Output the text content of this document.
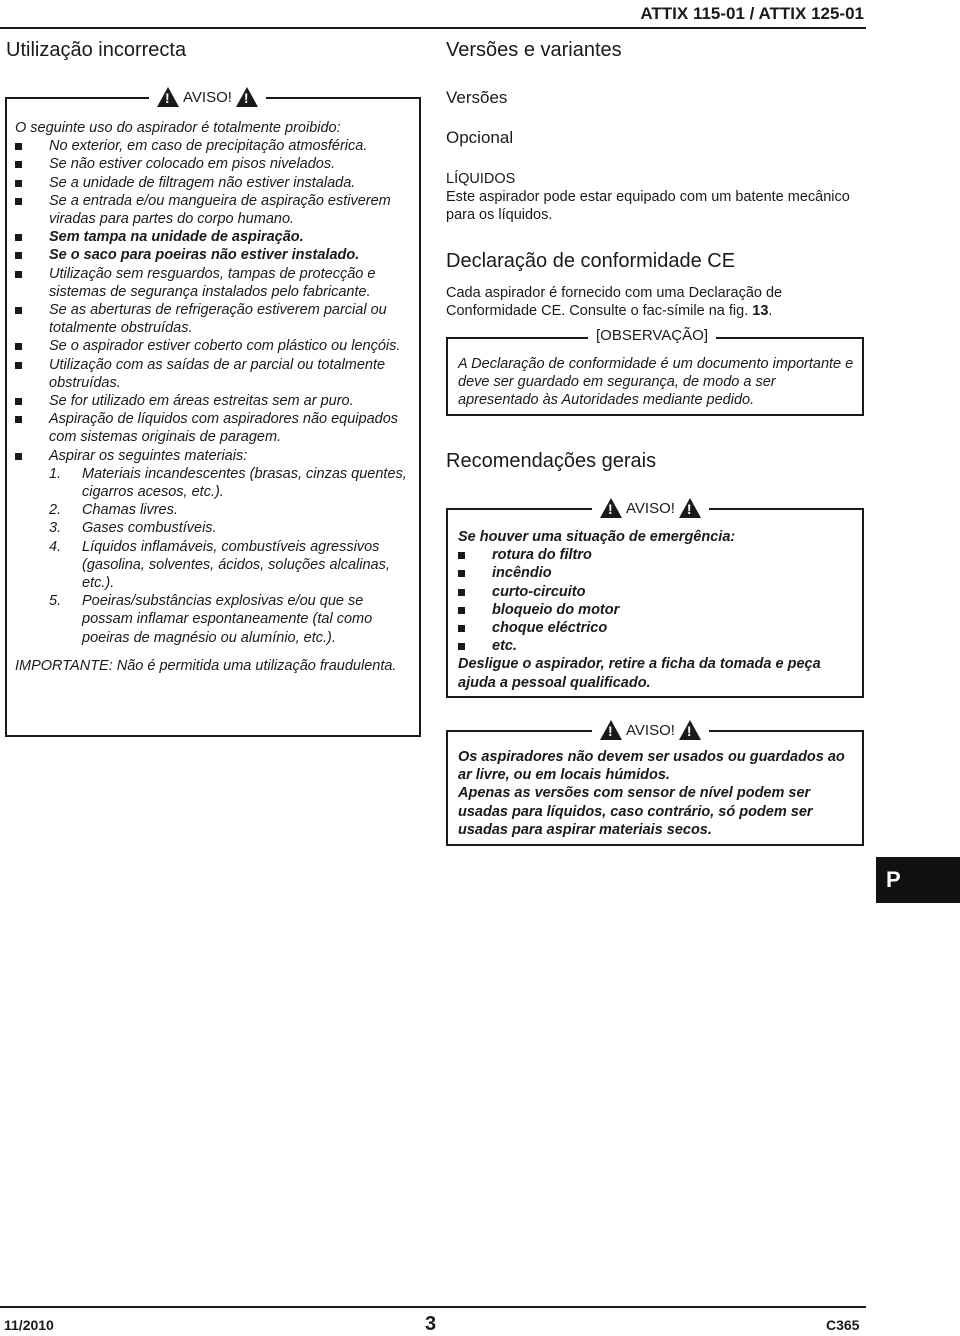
ATTIX 115-01 / ATTIX 125-01
Utilização incorrecta
! AVISO! !
O seguinte uso do aspirador é totalmente proibido:
No exterior, em caso de precipitação atmosférica.
Se não estiver colocado em pisos nivelados.
Se a unidade de filtragem não estiver instalada.
Se a entrada e/ou mangueira de aspiração estiverem viradas para partes do corpo humano.
Sem tampa na unidade de aspiração.
Se o saco para poeiras não estiver instalado.
Utilização sem resguardos, tampas de protecção e sistemas de segurança instalados pelo fabricante.
Se as aberturas de refrigeração estiverem parcial ou totalmente obstruídas.
Se o aspirador estiver coberto com plástico ou lençóis.
Utilização com as saídas de ar parcial ou totalmente obstruídas.
Se for utilizado em áreas estreitas sem ar puro.
Aspiração de líquidos com aspiradores não equipados com sistemas originais de paragem.
Aspirar os seguintes materiais:
1. Materiais incandescentes (brasas, cinzas quentes, cigarros acesos, etc.).
2. Chamas livres.
3. Gases combustíveis.
4. Líquidos inflamáveis, combustíveis agressivos (gasolina, solventes, ácidos, soluções alcalinas, etc.).
5. Poeiras/substâncias explosivas e/ou que se possam inflamar espontaneamente (tal como poeiras de magnésio ou alumínio, etc.).
IMPORTANTE: Não é permitida uma utilização fraudulenta.
Versões e variantes
Versões
Opcional
LÍQUIDOS
Este aspirador pode estar equipado com um batente mecânico para os líquidos.
Declaração de conformidade CE
Cada aspirador é fornecido com uma Declaração de Conformidade CE. Consulte o fac-símile na fig. 13.
[OBSERVAÇÃO]
A Declaração de conformidade é um documento importante e deve ser guardado em segurança, de modo a ser apresentado às Autoridades mediante pedido.
Recomendações gerais
! AVISO! !
Se houver uma situação de emergência:
rotura do filtro
incêndio
curto-circuito
bloqueio do motor
choque eléctrico
etc.
Desligue o aspirador, retire a ficha da tomada e peça ajuda a pessoal qualificado.
! AVISO! !
Os aspiradores não devem ser usados ou guardados ao ar livre, ou em locais húmidos.
Apenas as versões com sensor de nível podem ser usadas para líquidos, caso contrário, só podem ser usadas para aspirar materiais secos.
P
11/2010	3	C365
